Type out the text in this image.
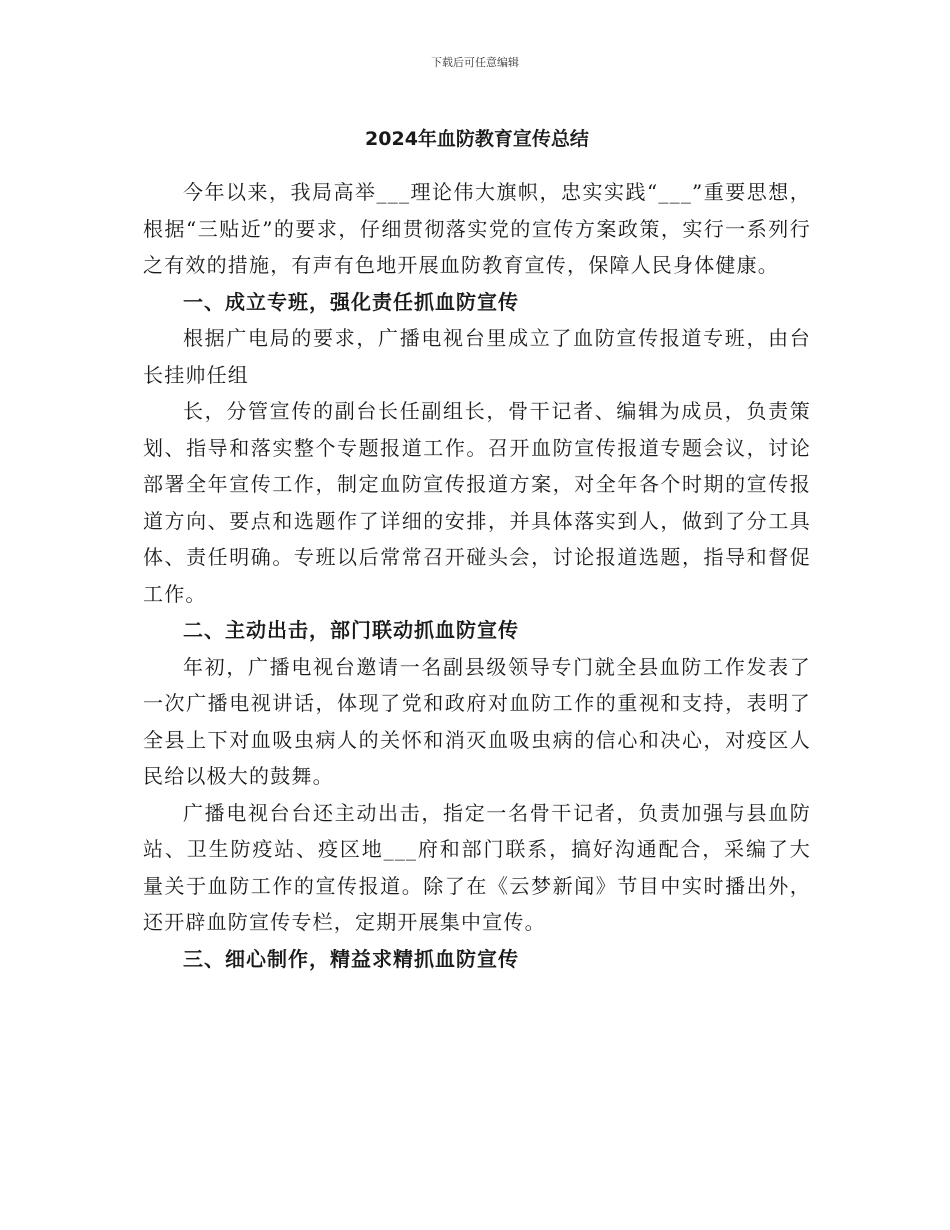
下载后可任意编辑
2024年血防教育宣传总结

今年以来，我局高举___理论伟大旗帜，忠实实践“___”重要思想，根据“三贴近”的要求，仔细贯彻落实党的宣传方案政策，实行一系列行之有效的措施，有声有色地开展血防教育宣传，保障人民身体健康。

一、成立专班，强化责任抓血防宣传

根据广电局的要求，广播电视台里成立了血防宣传报道专班，由台长挂帅任组

长，分管宣传的副台长任副组长，骨干记者、编辑为成员，负责策划、指导和落实整个专题报道工作。召开血防宣传报道专题会议，讨论部署全年宣传工作，制定血防宣传报道方案，对全年各个时期的宣传报道方向、要点和选题作了详细的安排，并具体落实到人，做到了分工具体、责任明确。专班以后常常召开碰头会，讨论报道选题，指导和督促工作。

二、主动出击，部门联动抓血防宣传

年初，广播电视台邀请一名副县级领导专门就全县血防工作发表了一次广播电视讲话，体现了党和政府对血防工作的重视和支持，表明了全县上下对血吸虫病人的关怀和消灭血吸虫病的信心和决心，对疫区人民给以极大的鼓舞。

广播电视台台还主动出击，指定一名骨干记者，负责加强与县血防站、卫生防疫站、疫区地___府和部门联系，搞好沟通配合，采编了大量关于血防工作的宣传报道。除了在《云梦新闻》节目中实时播出外，还开辟血防宣传专栏，定期开展集中宣传。

三、细心制作，精益求精抓血防宣传
